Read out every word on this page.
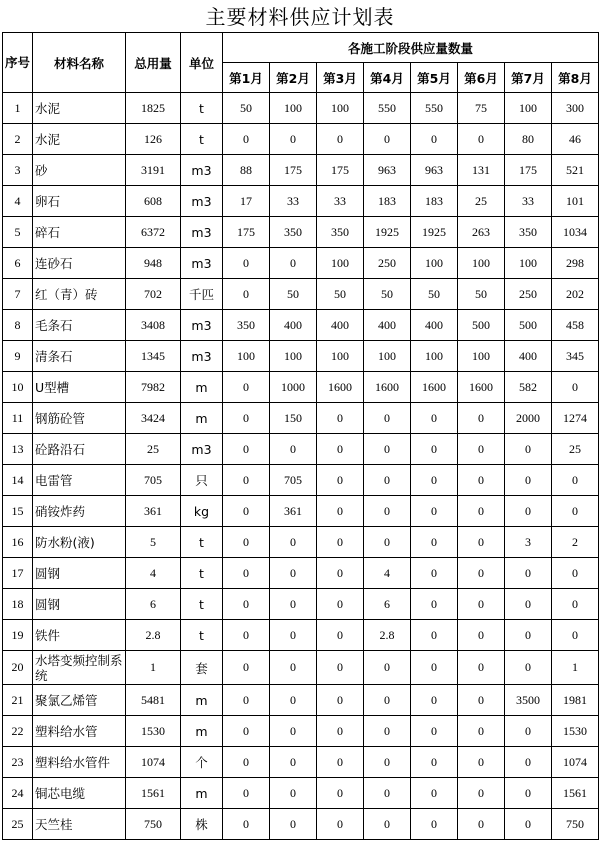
主要材料供应计划表
序号	材料名称	总用量	单位	各施工阶段供应量数量							
				第1月	第2月	第3月	第4月	第5月	第6月	第7月	第8月
1	水泥	1825	t	50	100	100	550	550	75	100	300
2	水泥	126	t	0	0	0	0	0	0	80	46
3	砂	3191	m3	88	175	175	963	963	131	175	521
4	卵石	608	m3	17	33	33	183	183	25	33	101
5	碎石	6372	m3	175	350	350	1925	1925	263	350	1034
6	连砂石	948	m3	0	0	100	250	100	100	100	298
7	红（青）砖	702	千匹	0	50	50	50	50	50	250	202
8	毛条石	3408	m3	350	400	400	400	400	500	500	458
9	清条石	1345	m3	100	100	100	100	100	100	400	345
10	U型槽	7982	m	0	1000	1600	1600	1600	1600	582	0
11	钢筋砼管	3424	m	0	150	0	0	0	0	2000	1274
13	砼路沿石	25	m3	0	0	0	0	0	0	0	25
14	电雷管	705	只	0	705	0	0	0	0	0	0
15	硝铵炸药	361	kg	0	361	0	0	0	0	0	0
16	防水粉(液)	5	t	0	0	0	0	0	0	3	2
17	圆钢	4	t	0	0	0	4	0	0	0	0
18	圆钢	6	t	0	0	0	6	0	0	0	0
19	铁件	2.8	t	0	0	0	2.8	0	0	0	0
20	水塔变频控制系统	1	套	0	0	0	0	0	0	0	1
21	聚氯乙烯管	5481	m	0	0	0	0	0	0	3500	1981
22	塑料给水管	1530	m	0	0	0	0	0	0	0	1530
23	塑料给水管件	1074	个	0	0	0	0	0	0	0	1074
24	铜芯电缆	1561	m	0	0	0	0	0	0	0	1561
25	天竺桂	750	株	0	0	0	0	0	0	0	750
